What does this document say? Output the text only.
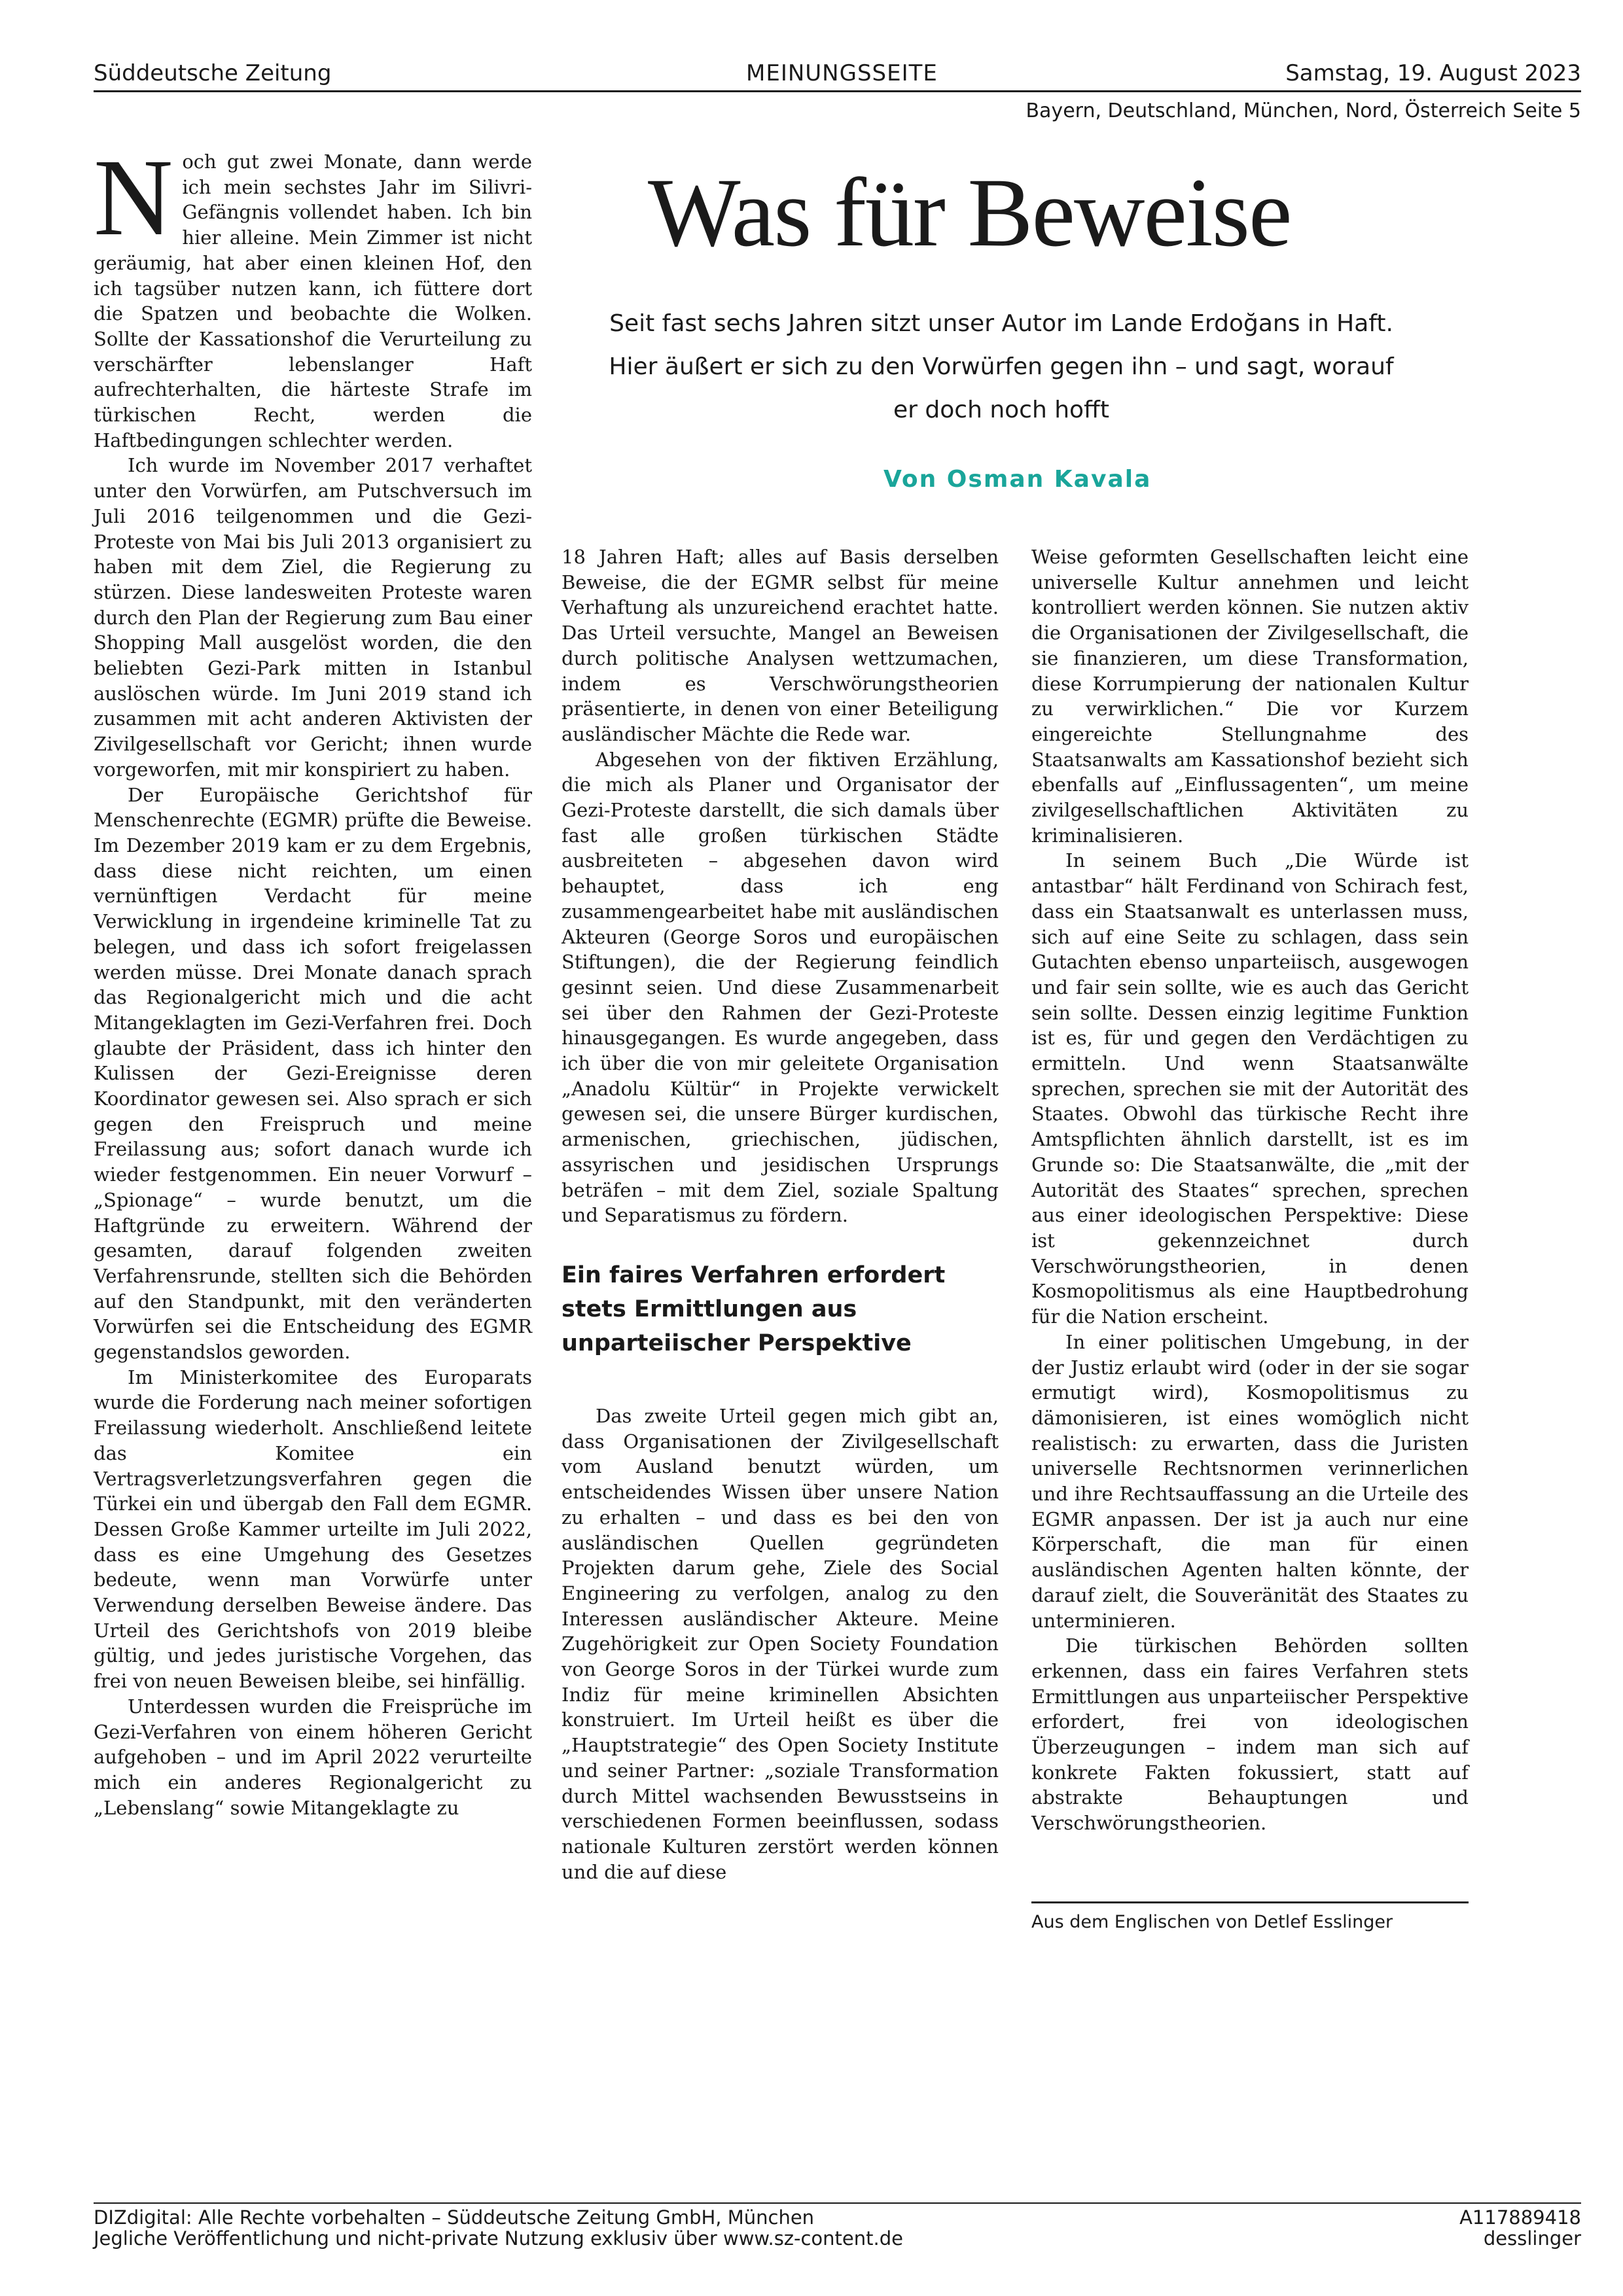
Süddeutsche Zeitung	MEINUNGSSEITE	Samstag, 19. August 2023
Bayern, Deutschland, München, Nord, Österreich Seite 5
Was für Beweise
Seit fast sechs Jahren sitzt unser Autor im Lande Erdoğans in Haft. Hier äußert er sich zu den Vorwürfen gegen ihn – und sagt, worauf er doch noch hofft
Von Osman Kavala

Noch gut zwei Monate, dann werde ich mein sechstes Jahr im Silivri-Gefängnis vollendet haben. Ich bin hier alleine. Mein Zimmer ist nicht geräumig, hat aber einen kleinen Hof, den ich tagsüber nutzen kann, ich füttere dort die Spatzen und beobachte die Wolken. Sollte der Kassationshof die Verurteilung zu verschärfter lebenslanger Haft aufrechterhalten, die härteste Strafe im türkischen Recht, werden die Haftbedingungen schlechter werden.

Ich wurde im November 2017 verhaftet unter den Vorwürfen, am Putschversuch im Juli 2016 teilgenommen und die Gezi-Proteste von Mai bis Juli 2013 organisiert zu haben mit dem Ziel, die Regierung zu stürzen. Diese landesweiten Proteste waren durch den Plan der Regierung zum Bau einer Shopping Mall ausgelöst worden, die den beliebten Gezi-Park mitten in Istanbul auslöschen würde. Im Juni 2019 stand ich zusammen mit acht anderen Aktivisten der Zivilgesellschaft vor Gericht; ihnen wurde vorgeworfen, mit mir konspiriert zu haben.

Der Europäische Gerichtshof für Menschenrechte (EGMR) prüfte die Beweise. Im Dezember 2019 kam er zu dem Ergebnis, dass diese nicht reichten, um einen vernünftigen Verdacht für meine Verwicklung in irgendeine kriminelle Tat zu belegen, und dass ich sofort freigelassen werden müsse. Drei Monate danach sprach das Regionalgericht mich und die acht Mitangeklagten im Gezi-Verfahren frei. Doch glaubte der Präsident, dass ich hinter den Kulissen der Gezi-Ereignisse deren Koordinator gewesen sei. Also sprach er sich gegen den Freispruch und meine Freilassung aus; sofort danach wurde ich wieder festgenommen. Ein neuer Vorwurf – „Spionage“ – wurde benutzt, um die Haftgründe zu erweitern. Während der gesamten, darauf folgenden zweiten Verfahrensrunde, stellten sich die Behörden auf den Standpunkt, mit den veränderten Vorwürfen sei die Entscheidung des EGMR gegenstandslos geworden.

Im Ministerkomitee des Europarats wurde die Forderung nach meiner sofortigen Freilassung wiederholt. Anschließend leitete das Komitee ein Vertragsverletzungsverfahren gegen die Türkei ein und übergab den Fall dem EGMR. Dessen Große Kammer urteilte im Juli 2022, dass es eine Umgehung des Gesetzes bedeute, wenn man Vorwürfe unter Verwendung derselben Beweise ändere. Das Urteil des Gerichtshofs von 2019 bleibe gültig, und jedes juristische Vorgehen, das frei von neuen Beweisen bleibe, sei hinfällig.

Unterdessen wurden die Freisprüche im Gezi-Verfahren von einem höheren Gericht aufgehoben – und im April 2022 verurteilte mich ein anderes Regionalgericht zu „Lebenslang“ sowie Mitangeklagte zu

18 Jahren Haft; alles auf Basis derselben Beweise, die der EGMR selbst für meine Verhaftung als unzureichend erachtet hatte. Das Urteil versuchte, Mangel an Beweisen durch politische Analysen wettzumachen, indem es Verschwörungstheorien präsentierte, in denen von einer Beteiligung ausländischer Mächte die Rede war.

Abgesehen von der fiktiven Erzählung, die mich als Planer und Organisator der Gezi-Proteste darstellt, die sich damals über fast alle großen türkischen Städte ausbreiteten – abgesehen davon wird behauptet, dass ich eng zusammengearbeitet habe mit ausländischen Akteuren (George Soros und europäischen Stiftungen), die der Regierung feindlich gesinnt seien. Und diese Zusammenarbeit sei über den Rahmen der Gezi-Proteste hinausgegangen. Es wurde angegeben, dass ich über die von mir geleitete Organisation „Anadolu Kültür“ in Projekte verwickelt gewesen sei, die unsere Bürger kurdischen, armenischen, griechischen, jüdischen, assyrischen und jesidischen Ursprungs beträfen – mit dem Ziel, soziale Spaltung und Separatismus zu fördern.

Ein faires Verfahren erfordert stets Ermittlungen aus unparteiischer Perspektive

Das zweite Urteil gegen mich gibt an, dass Organisationen der Zivilgesellschaft vom Ausland benutzt würden, um entscheidendes Wissen über unsere Nation zu erhalten – und dass es bei den von ausländischen Quellen gegründeten Projekten darum gehe, Ziele des Social Engineering zu verfolgen, analog zu den Interessen ausländischer Akteure. Meine Zugehörigkeit zur Open Society Foundation von George Soros in der Türkei wurde zum Indiz für meine kriminellen Absichten konstruiert. Im Urteil heißt es über die „Hauptstrategie“ des Open Society Institute und seiner Partner: „soziale Transformation durch Mittel wachsenden Bewusstseins in verschiedenen Formen beeinflussen, sodass nationale Kulturen zerstört werden können und die auf diese

Weise geformten Gesellschaften leicht eine universelle Kultur annehmen und leicht kontrolliert werden können. Sie nutzen aktiv die Organisationen der Zivilgesellschaft, die sie finanzieren, um diese Transformation, diese Korrumpierung der nationalen Kultur zu verwirklichen.“ Die vor Kurzem eingereichte Stellungnahme des Staatsanwalts am Kassationshof bezieht sich ebenfalls auf „Einflussagenten“, um meine zivilgesellschaftlichen Aktivitäten zu kriminalisieren.

In seinem Buch „Die Würde ist antastbar“ hält Ferdinand von Schirach fest, dass ein Staatsanwalt es unterlassen muss, sich auf eine Seite zu schlagen, dass sein Gutachten ebenso unparteiisch, ausgewogen und fair sein sollte, wie es auch das Gericht sein sollte. Dessen einzig legitime Funktion ist es, für und gegen den Verdächtigen zu ermitteln. Und wenn Staatsanwälte sprechen, sprechen sie mit der Autorität des Staates. Obwohl das türkische Recht ihre Amtspflichten ähnlich darstellt, ist es im Grunde so: Die Staatsanwälte, die „mit der Autorität des Staates“ sprechen, sprechen aus einer ideologischen Perspektive: Diese ist gekennzeichnet durch Verschwörungstheorien, in denen Kosmopolitismus als eine Hauptbedrohung für die Nation erscheint.

In einer politischen Umgebung, in der der Justiz erlaubt wird (oder in der sie sogar ermutigt wird), Kosmopolitismus zu dämonisieren, ist eines womöglich nicht realistisch: zu erwarten, dass die Juristen universelle Rechtsnormen verinnerlichen und ihre Rechtsauffassung an die Urteile des EGMR anpassen. Der ist ja auch nur eine Körperschaft, die man für einen ausländischen Agenten halten könnte, der darauf zielt, die Souveränität des Staates zu unterminieren.

Die türkischen Behörden sollten erkennen, dass ein faires Verfahren stets Ermittlungen aus unparteiischer Perspektive erfordert, frei von ideologischen Überzeugungen – indem man sich auf konkrete Fakten fokussiert, statt auf abstrakte Behauptungen und Verschwörungstheorien.

Aus dem Englischen von Detlef Esslinger
DIZdigital: Alle Rechte vorbehalten – Süddeutsche Zeitung GmbH, München
Jegliche Veröffentlichung und nicht-private Nutzung exklusiv über www.sz-content.de
A117889418
desslinger
